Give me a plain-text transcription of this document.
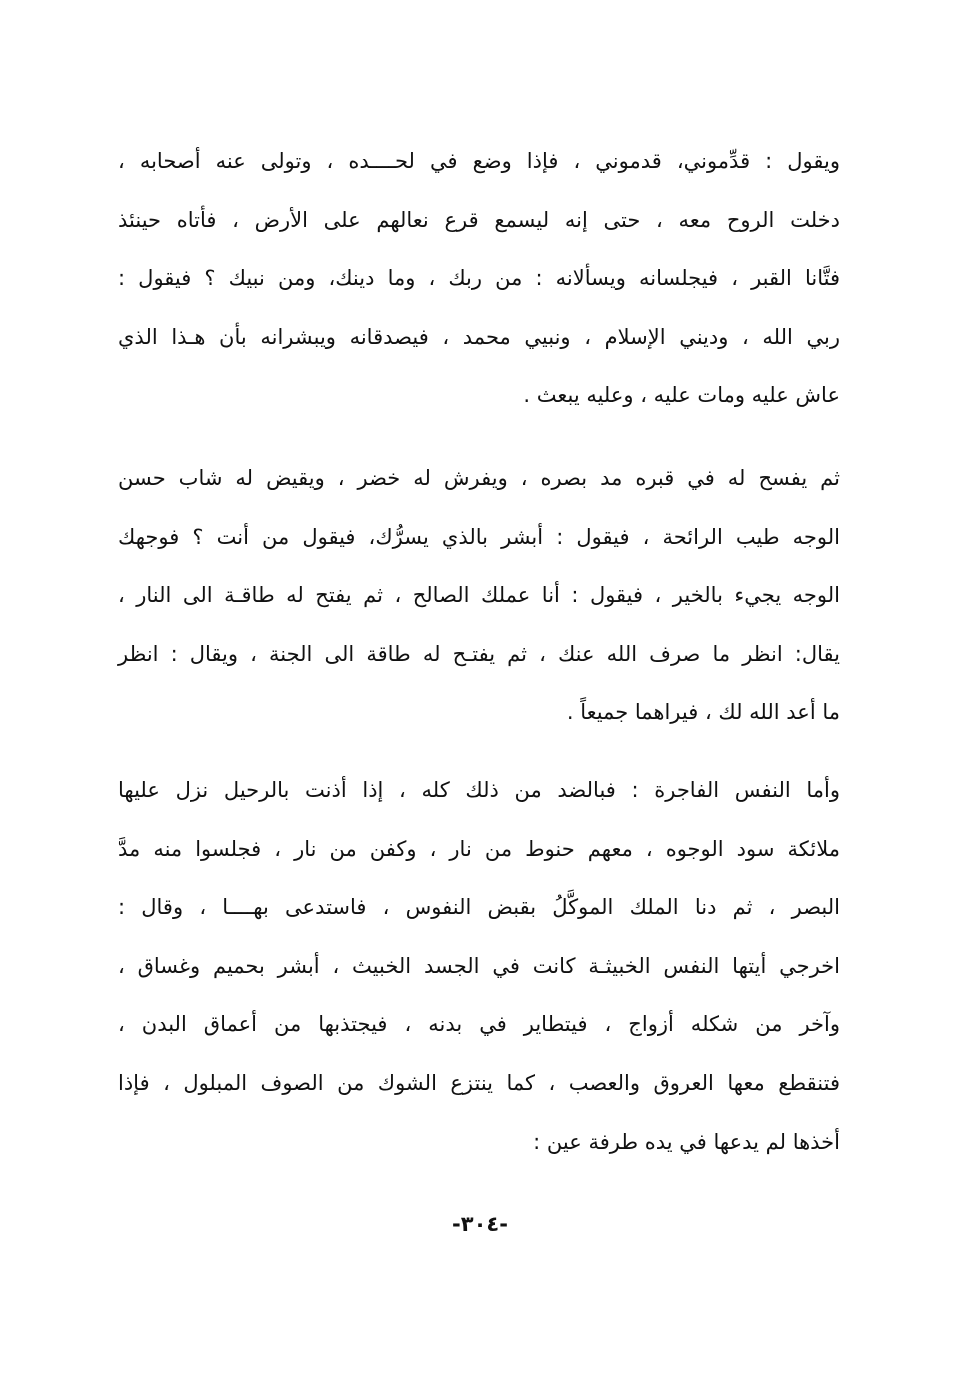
ويقول : قدِّموني، قدموني ، فإذا وضع في لحــــده ، وتولى عنه أصحابه ،
دخلت الروح معه ، حتى إنه ليسمع قرع نعالهم على الأرض ، فأتاه حينئذ
فتَّانا القبر ، فيجلسانه ويسألانه : من ربك ، وما دينك، ومن نبيك ؟ فيقول :
ربي الله ، وديني الإسلام ، ونبيي محمد ، فيصدقانه ويبشرانه بأن هـذا الذي
عاش عليه ومات عليه ، وعليه يبعث .
ثم يفسح له في قبره مد بصره ، ويفرش له خضر ، ويقيض له شاب حسن
الوجه طيب الرائحة ، فيقول : أبشر بالذي يسرُّك، فيقول من أنت ؟ فوجهك
الوجه يجيء بالخير ، فيقول : أنا عملك الصالح ، ثم يفتح له طاقـة الى النار ،
يقال: انظر ما صرف الله عنك ، ثم يفتـح له طاقة الى الجنة ، ويقال : انظر
ما أعد الله لك ، فيراهما جميعاً .
وأما النفس الفاجرة : فبالضد من ذلك كله ، إذا أذنت بالرحيل نزل عليها
ملائكة سود الوجوه ، معهم حنوط من نار ، وكفن من نار ، فجلسوا منه مدَّ
البصر ، ثم دنا الملك الموكَّلُ بقبض النفوس ، فاستدعى بهــــا ، وقال :
اخرجي أيتها النفس الخبيثـة كانت في الجسد الخبيث ، أبشر بحميم وغساق ،
وآخر من شكله أزواج ، فيتطاير في بدنه ، فيجتذبها من أعماق البدن ،
فتنقطع معها العروق والعصب ، كما ينتزع الشوك من الصوف المبلول ، فإذا
أخذها لم يدعها في يده طرفة عين :
-٣٠٤-
